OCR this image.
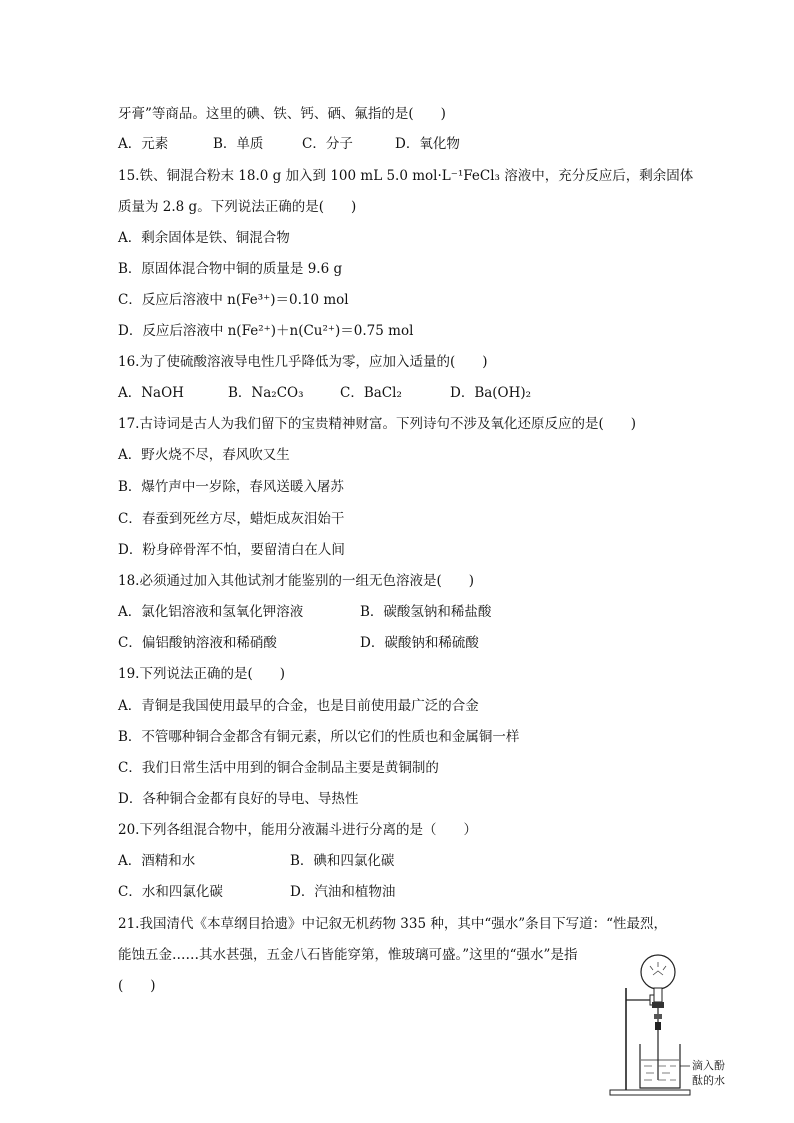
牙膏”等商品。这里的碘、铁、钙、硒、氟指的是(　　)
A．元素	B．单质	C．分子	D．氧化物
15.铁、铜混合粉末 18.0 g 加入到 100 mL 5.0 mol·L⁻¹FeCl₃ 溶液中，充分反应后，剩余固体
质量为 2.8 g。下列说法正确的是(　　)
A．剩余固体是铁、铜混合物
B．原固体混合物中铜的质量是 9.6 g
C．反应后溶液中 n(Fe³⁺)＝0.10 mol
D．反应后溶液中 n(Fe²⁺)＋n(Cu²⁺)＝0.75 mol
16.为了使硫酸溶液导电性几乎降低为零，应加入适量的(　　)
A．NaOH	B．Na₂CO₃	C．BaCl₂	D．Ba(OH)₂
17.古诗词是古人为我们留下的宝贵精神财富。下列诗句不涉及氧化还原反应的是(　　)
A．野火烧不尽，春风吹又生
B．爆竹声中一岁除，春风送暖入屠苏
C．春蚕到死丝方尽，蜡炬成灰泪始干
D．粉身碎骨浑不怕，要留清白在人间
18.必须通过加入其他试剂才能鉴别的一组无色溶液是(　　)
A．氯化铝溶液和氢氧化钾溶液	B．碳酸氢钠和稀盐酸
C．偏铝酸钠溶液和稀硝酸	D．碳酸钠和稀硫酸
19.下列说法正确的是(　　)
A．青铜是我国使用最早的合金，也是目前使用最广泛的合金
B．不管哪种铜合金都含有铜元素，所以它们的性质也和金属铜一样
C．我们日常生活中用到的铜合金制品主要是黄铜制的
D．各种铜合金都有良好的导电、导热性
20.下列各组混合物中，能用分液漏斗进行分离的是（　　）
A．酒精和水	B．碘和四氯化碳
C．水和四氯化碳	D．汽油和植物油
21.我国清代《本草纲目拾遗》中记叙无机药物 335 种，其中“强水”条目下写道：“性最烈，
能蚀五金……其水甚强，五金八石皆能穿第，惟玻璃可盛。”这里的“强水”是指
(　　)
滴入酚
酞的水
